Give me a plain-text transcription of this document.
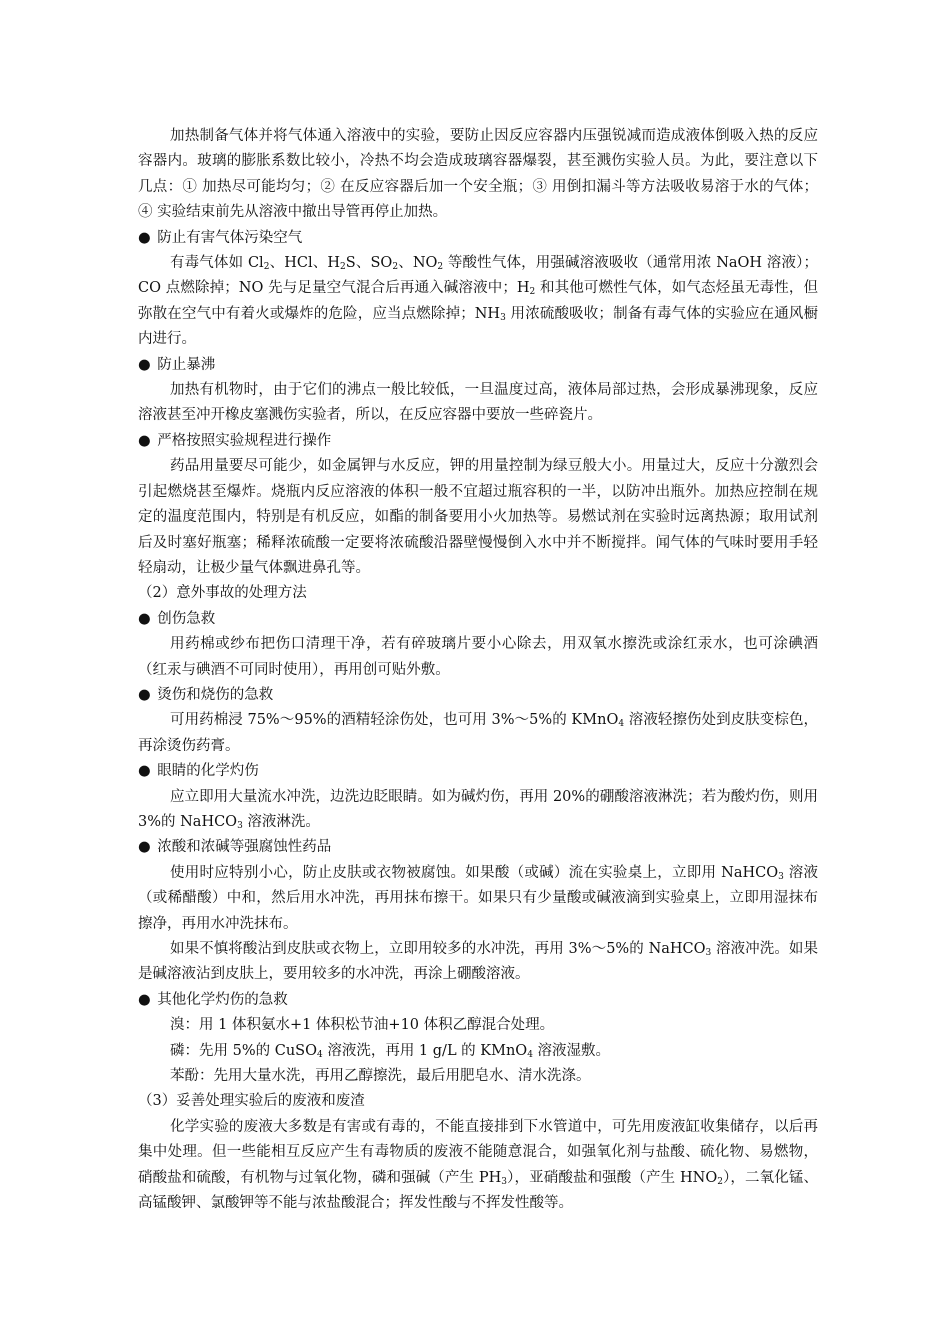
加热制备气体并将气体通入溶液中的实验，要防止因反应容器内压强锐减而造成液体倒吸入热的反应容器内。玻璃的膨胀系数比较小，冷热不均会造成玻璃容器爆裂，甚至溅伤实验人员。为此，要注意以下几点：① 加热尽可能均匀；② 在反应容器后加一个安全瓶；③ 用倒扣漏斗等方法吸收易溶于水的气体；④ 实验结束前先从溶液中撤出导管再停止加热。

● 防止有害气体污染空气

有毒气体如 $Cl_2$、HCl、$H_2S$、$SO_2$、$NO_2$ 等酸性气体，用强碱溶液吸收（通常用浓 NaOH 溶液）；CO 点燃除掉；NO 先与足量空气混合后再通入碱溶液中；$H_2$ 和其他可燃性气体，如气态烃虽无毒性，但弥散在空气中有着火或爆炸的危险，应当点燃除掉；$NH_3$ 用浓硫酸吸收；制备有毒气体的实验应在通风橱内进行。

● 防止暴沸

加热有机物时，由于它们的沸点一般比较低，一旦温度过高，液体局部过热，会形成暴沸现象，反应溶液甚至冲开橡皮塞溅伤实验者，所以，在反应容器中要放一些碎瓷片。

● 严格按照实验规程进行操作

药品用量要尽可能少，如金属钾与水反应，钾的用量控制为绿豆般大小。用量过大，反应十分激烈会引起燃烧甚至爆炸。烧瓶内反应溶液的体积一般不宜超过瓶容积的一半，以防冲出瓶外。加热应控制在规定的温度范围内，特别是有机反应，如酯的制备要用小火加热等。易燃试剂在实验时远离热源；取用试剂后及时塞好瓶塞；稀释浓硫酸一定要将浓硫酸沿器壁慢慢倒入水中并不断搅拌。闻气体的气味时要用手轻轻扇动，让极少量气体飘进鼻孔等。

（2）意外事故的处理方法
● 创伤急救

用药棉或纱布把伤口清理干净，若有碎玻璃片要小心除去，用双氧水擦洗或涂红汞水，也可涂碘酒（红汞与碘酒不可同时使用），再用创可贴外敷。

● 烫伤和烧伤的急救

可用药棉浸 75%～95%的酒精轻涂伤处，也可用 3%～5%的 KMnO$_4$ 溶液轻擦伤处到皮肤变棕色，再涂烫伤药膏。

● 眼睛的化学灼伤

应立即用大量流水冲洗，边洗边眨眼睛。如为碱灼伤，再用 20%的硼酸溶液淋洗；若为酸灼伤，则用 3%的 NaHCO$_3$ 溶液淋洗。

● 浓酸和浓碱等强腐蚀性药品

使用时应特别小心，防止皮肤或衣物被腐蚀。如果酸（或碱）流在实验桌上，立即用 NaHCO$_3$ 溶液（或稀醋酸）中和，然后用水冲洗，再用抹布擦干。如果只有少量酸或碱液滴到实验桌上，立即用湿抹布擦净，再用水冲洗抹布。

如果不慎将酸沾到皮肤或衣物上，立即用较多的水冲洗，再用 3%～5%的 NaHCO$_3$ 溶液冲洗。如果是碱溶液沾到皮肤上，要用较多的水冲洗，再涂上硼酸溶液。

● 其他化学灼伤的急救

溴：用 1 体积氨水+1 体积松节油+10 体积乙醇混合处理。

磷：先用 5%的 CuSO$_4$ 溶液洗，再用 1 g/L 的 KMnO$_4$ 溶液湿敷。

苯酚：先用大量水洗，再用乙醇擦洗，最后用肥皂水、清水洗涤。

（3）妥善处理实验后的废液和废渣

化学实验的废液大多数是有害或有毒的，不能直接排到下水管道中，可先用废液缸收集储存，以后再集中处理。但一些能相互反应产生有毒物质的废液不能随意混合，如强氧化剂与盐酸、硫化物、易燃物，硝酸盐和硫酸，有机物与过氧化物，磷和强碱（产生 $PH_3$），亚硝酸盐和强酸（产生 $HNO_2$），二氧化锰、高锰酸钾、氯酸钾等不能与浓盐酸混合；挥发性酸与不挥发性酸等。
